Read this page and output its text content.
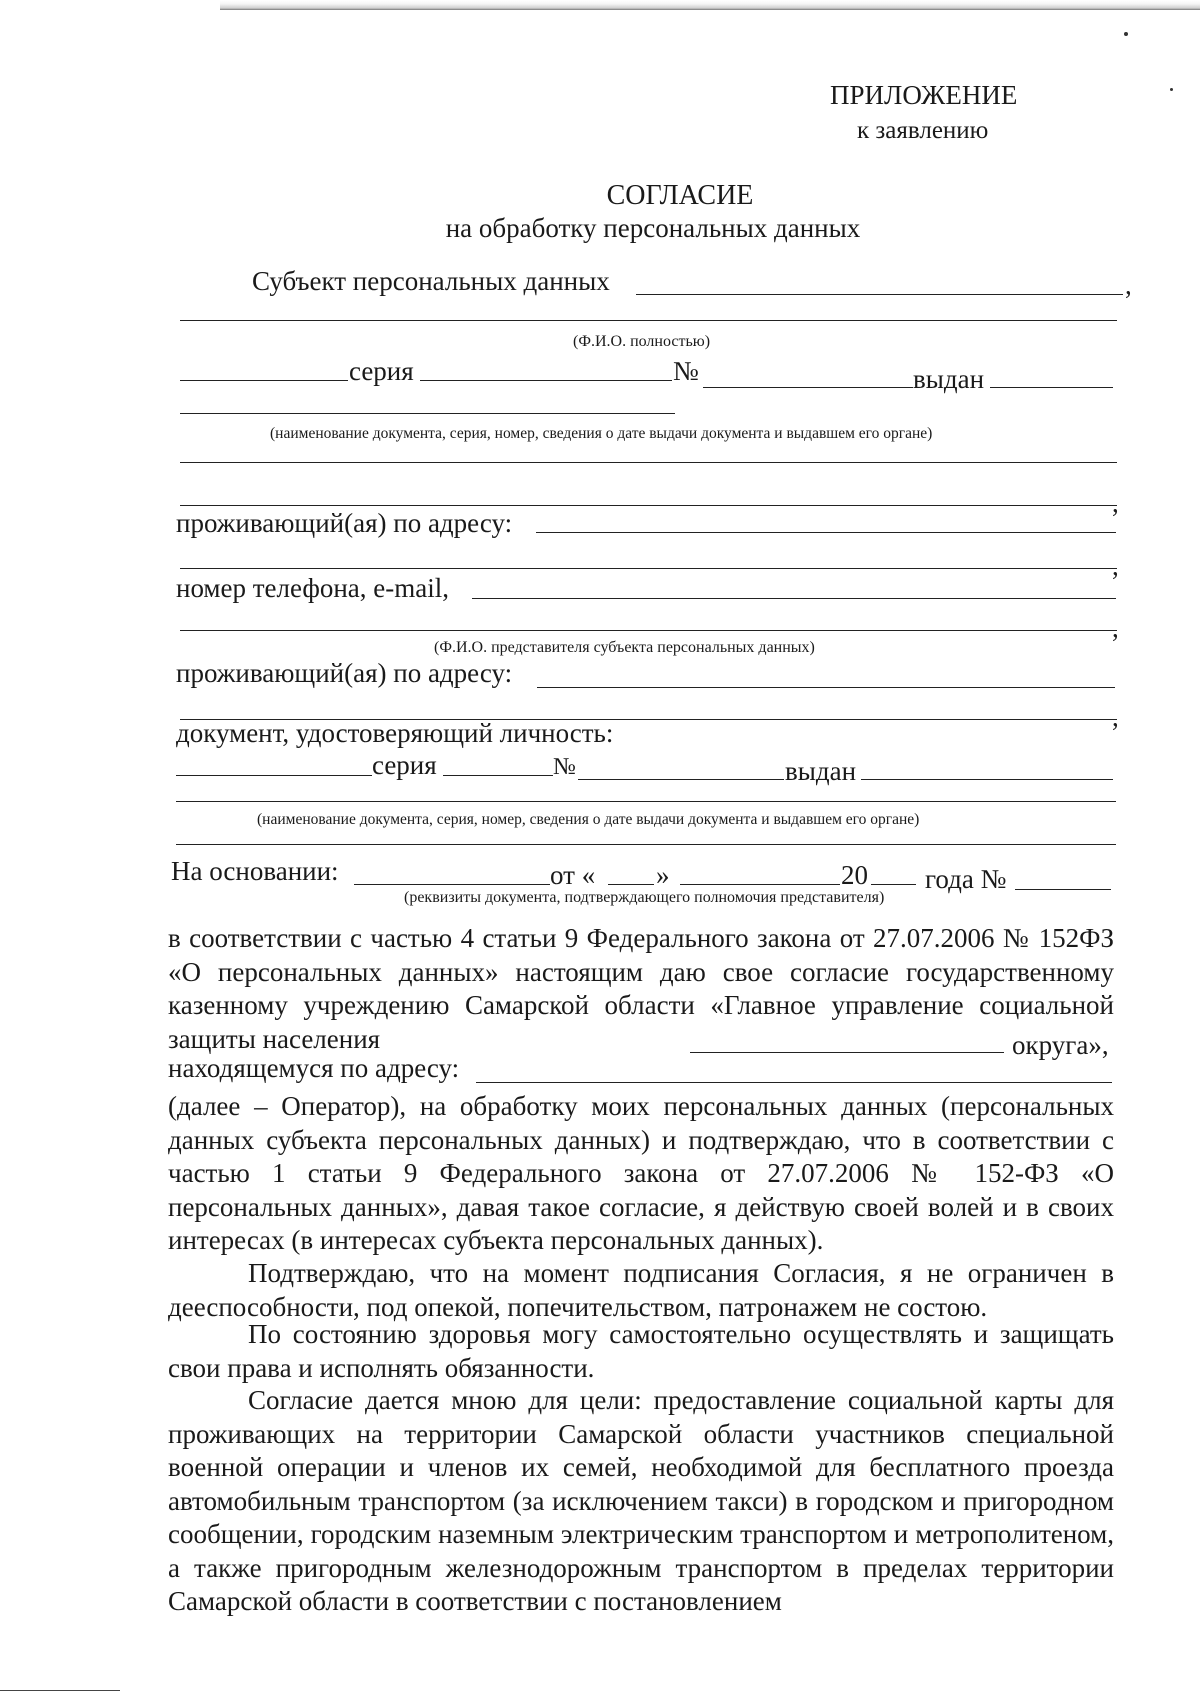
ПРИЛОЖЕНИЕ
к заявлению
СОГЛАСИЕ
на обработку персональных данных
Субъект персональных данных	,
(Ф.И.О. полностью)
серия	№	выдан
(наименование документа, серия, номер, сведения о дате выдачи документа и выдавшем его органе)
,
проживающий(ая) по адресу:
,
номер телефона, e-mail,
,
(Ф.И.О. представителя субъекта персональных данных)
проживающий(ая) по адресу:
,
документ, удостоверяющий личность:
серия	№	выдан
(наименование документа, серия, номер, сведения о дате выдачи документа и выдавшем его органе)
На основании:	от « »	20 года №
(реквизиты документа, подтверждающего полномочия представителя)
в соответствии с частью 4 статьи 9 Федерального закона от 27.07.2006 № 152ФЗ «О персональных данных» настоящим даю свое согласие государственному казенному учреждению Самарской области «Главное управление социальной защиты населения	округа»,
находящемуся по адресу:
(далее – Оператор), на обработку моих персональных данных (персональных данных субъекта персональных данных) и подтверждаю, что в соответствии с частью 1 статьи 9 Федерального закона от 27.07.2006 № 152-ФЗ «О персональных данных», давая такое согласие, я действую своей волей и в своих интересах (в интересах субъекта персональных данных).
Подтверждаю, что на момент подписания Согласия, я не ограничен в дееспособности, под опекой, попечительством, патронажем не состою.
По состоянию здоровья могу самостоятельно осуществлять и защищать свои права и исполнять обязанности.
Согласие дается мною для цели: предоставление социальной карты для проживающих на территории Самарской области участников специальной военной операции и членов их семей, необходимой для бесплатного проезда автомобильным транспортом (за исключением такси) в городском и пригородном сообщении, городским наземным электрическим транспортом и метрополитеном, а также пригородным железнодорожным транспортом в пределах территории Самарской области в соответствии с постановлением
